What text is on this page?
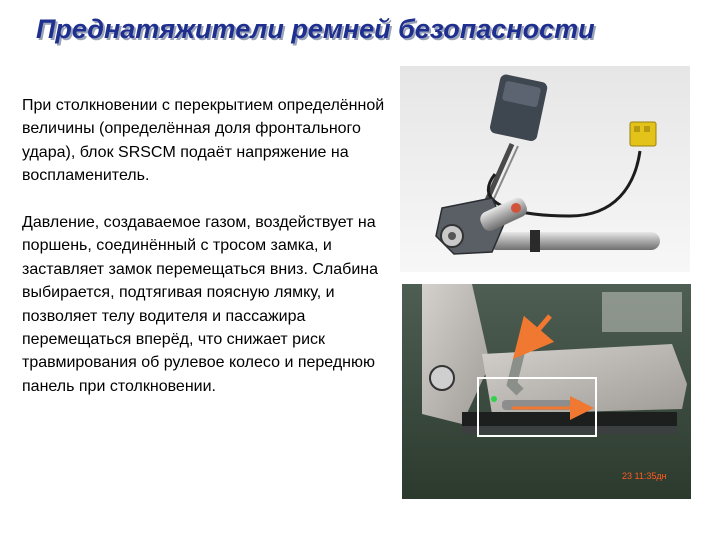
Преднатяжители ремней безопасности

При столкновении с перекрытием определённой величины (определённая доля фронтального удара), блок SRSCM подаёт напряжение на воспламенитель.

Давление, создаваемое газом, воздействует на поршень, соединённый с тросом замка, и заставляет замок перемещаться вниз. Слабина выбирается, подтягивая поясную лямку, и позволяет телу водителя и пассажира перемещаться вперёд, что снижает риск травмирования об рулевое колесо и переднюю панель при столкновении.

23 11:35дн
